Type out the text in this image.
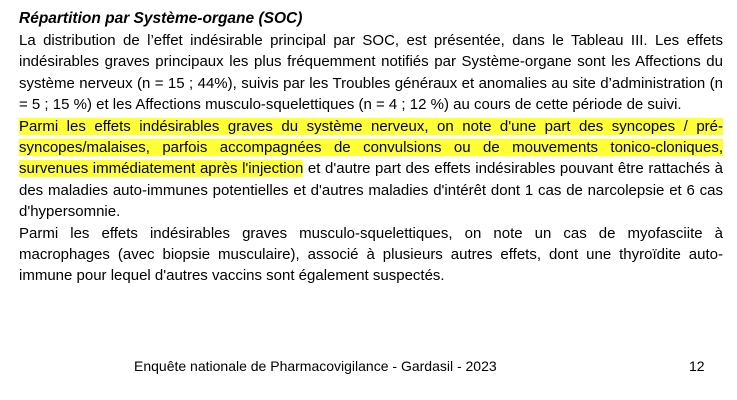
Répartition par Système-organe (SOC)

La distribution de l’effet indésirable principal par SOC, est présentée, dans le Tableau III. Les effets indésirables graves principaux les plus fréquemment notifiés par Système-organe sont les Affections du système nerveux (n = 15 ; 44%), suivis par les Troubles généraux et anomalies au site d’administration (n = 5 ; 15 %) et les Affections musculo-squelettiques (n = 4 ; 12 %) au cours de cette période de suivi.

Parmi les effets indésirables graves du système nerveux, on note d'une part des syncopes / pré-syncopes/malaises, parfois accompagnées de convulsions ou de mouvements tonico-cloniques, survenues immédiatement après l'injection et d'autre part des effets indésirables pouvant être rattachés à des maladies auto-immunes potentielles et d'autres maladies d'intérêt dont 1 cas de narcolepsie et 6 cas d'hypersomnie.

Parmi les effets indésirables graves musculo-squelettiques, on note un cas de myofasciite à macrophages (avec biopsie musculaire), associé à plusieurs autres effets, dont une thyroïdite auto-immune pour lequel d'autres vaccins sont également suspectés.

Enquête nationale de Pharmacovigilance - Gardasil - 2023	12
